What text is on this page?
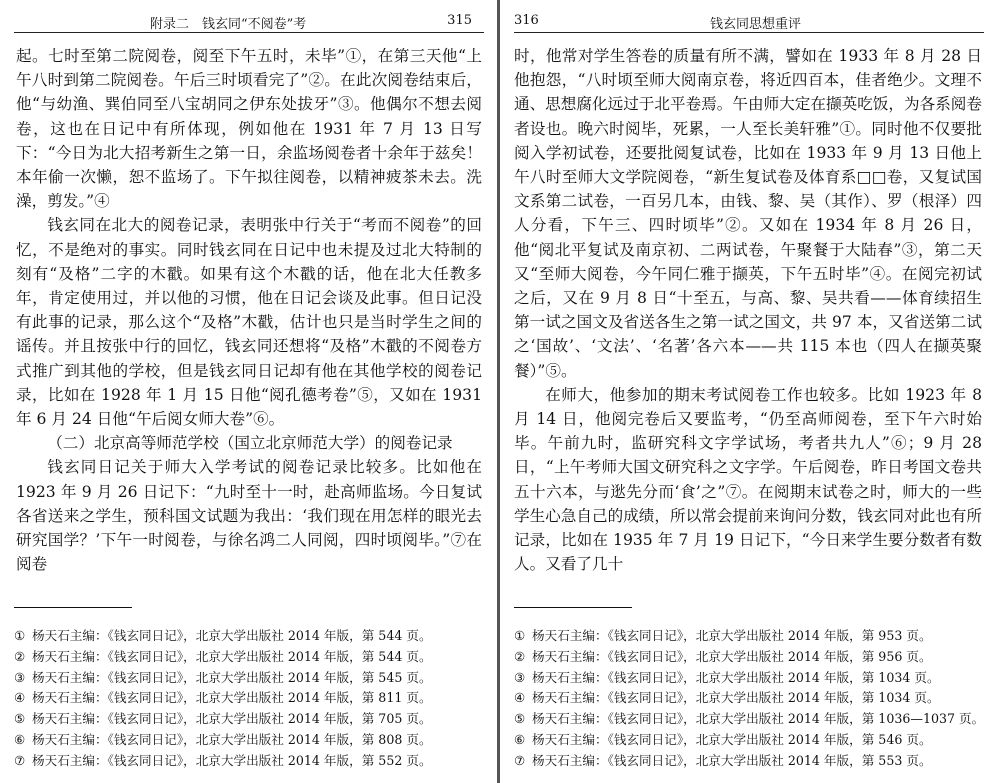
附录二　钱玄同“不阅卷”考	315

起。七时至第二院阅卷，阅至下午五时，未毕”①，在第三天他“上午八时到第二院阅卷。午后三时顷看完了”②。在此次阅卷结束后，他“与幼渔、巽伯同至八宝胡同之伊东处拔牙”③。他偶尔不想去阅卷，这也在日记中有所体现，例如他在 1931 年 7 月 13 日写下：“今日为北大招考新生之第一日，余监场阅卷者十余年于兹矣！本年偷一次懒，恕不监场了。下午拟往阅卷，以精神疲茶未去。洗澡，剪发。”④

钱玄同在北大的阅卷记录，表明张中行关于“考而不阅卷”的回忆，不是绝对的事实。同时钱玄同在日记中也未提及过北大特制的刻有“及格”二字的木戳。如果有这个木戳的话，他在北大任教多年，肯定使用过，并以他的习惯，他在日记会谈及此事。但日记没有此事的记录，那么这个“及格”木戳，估计也只是当时学生之间的谣传。并且按张中行的回忆，钱玄同还想将“及格”木戳的不阅卷方式推广到其他的学校，但是钱玄同日记却有他在其他学校的阅卷记录，比如在 1928 年 1 月 15 日他“阅孔德考卷”⑤，又如在 1931 年 6 月 24 日他“午后阅女师大卷”⑥。

（二）北京高等师范学校（国立北京师范大学）的阅卷记录

钱玄同日记关于师大入学考试的阅卷记录比较多。比如他在 1923 年 9 月 26 日记下：“九时至十一时，赴高师监场。今日复试各省送来之学生，预科国文试题为我出：‘我们现在用怎样的眼光去研究国学？’下午一时阅卷，与徐名鸿二人同阅，四时顷阅毕。”⑦在阅卷

① 杨天石主编：《钱玄同日记》，北京大学出版社 2014 年版，第 544 页。
② 杨天石主编：《钱玄同日记》，北京大学出版社 2014 年版，第 544 页。
③ 杨天石主编：《钱玄同日记》，北京大学出版社 2014 年版，第 545 页。
④ 杨天石主编：《钱玄同日记》，北京大学出版社 2014 年版，第 811 页。
⑤ 杨天石主编：《钱玄同日记》，北京大学出版社 2014 年版，第 705 页。
⑥ 杨天石主编：《钱玄同日记》，北京大学出版社 2014 年版，第 808 页。
⑦ 杨天石主编：《钱玄同日记》，北京大学出版社 2014 年版，第 552 页。
316	钱玄同思想重评

时，他常对学生答卷的质量有所不满，譬如在 1933 年 8 月 28 日他抱怨，“八时顷至师大阅南京卷，将近四百本，佳者绝少。文理不通、思想腐化远过于北平卷焉。午由师大定在撷英吃饭，为各系阅卷者设也。晚六时阅毕，死累，一人至长美轩雅”①。同时他不仅要批阅入学初试卷，还要批阅复试卷，比如在 1933 年 9 月 13 日他上午八时至师大文学院阅卷，“新生复试卷及体育系□□卷，又复试国文系第二试卷，一百另几本，由钱、黎、吴（其作）、罗（根泽）四人分看，下午三、四时顷毕”②。又如在 1934 年 8 月 26 日，他“阅北平复试及南京初、二两试卷，午聚餐于大陆春”③，第二天又“至师大阅卷，今午同仁雅于撷英，下午五时毕”④。在阅完初试之后，又在 9 月 8 日“十至五，与高、黎、吴共看——体育续招生第一试之国文及省送各生之第一试之国文，共 97 本，又省送第二试之‘国故’、‘文法’、‘名著’各六本——共 115 本也（四人在撷英聚餐）”⑤。

在师大，他参加的期末考试阅卷工作也较多。比如 1923 年 8 月 14 日，他阅完卷后又要监考，“仍至高师阅卷，至下午六时始毕。午前九时，监研究科文字学试场，考者共九人”⑥；9 月 28 日，“上午考师大国文研究科之文字学。午后阅卷，昨日考国文卷共五十六本，与逖先分而‘食’之”⑦。在阅期末试卷之时，师大的一些学生心急自己的成绩，所以常会提前来询问分数，钱玄同对此也有所记录，比如在 1935 年 7 月 19 日记下，“今日来学生要分数者有数人。又看了几十

① 杨天石主编：《钱玄同日记》，北京大学出版社 2014 年版，第 953 页。
② 杨天石主编：《钱玄同日记》，北京大学出版社 2014 年版，第 956 页。
③ 杨天石主编：《钱玄同日记》，北京大学出版社 2014 年版，第 1034 页。
④ 杨天石主编：《钱玄同日记》，北京大学出版社 2014 年版，第 1034 页。
⑤ 杨天石主编：《钱玄同日记》，北京大学出版社 2014 年版，第 1036—1037 页。
⑥ 杨天石主编：《钱玄同日记》，北京大学出版社 2014 年版，第 546 页。
⑦ 杨天石主编：《钱玄同日记》，北京大学出版社 2014 年版，第 553 页。
